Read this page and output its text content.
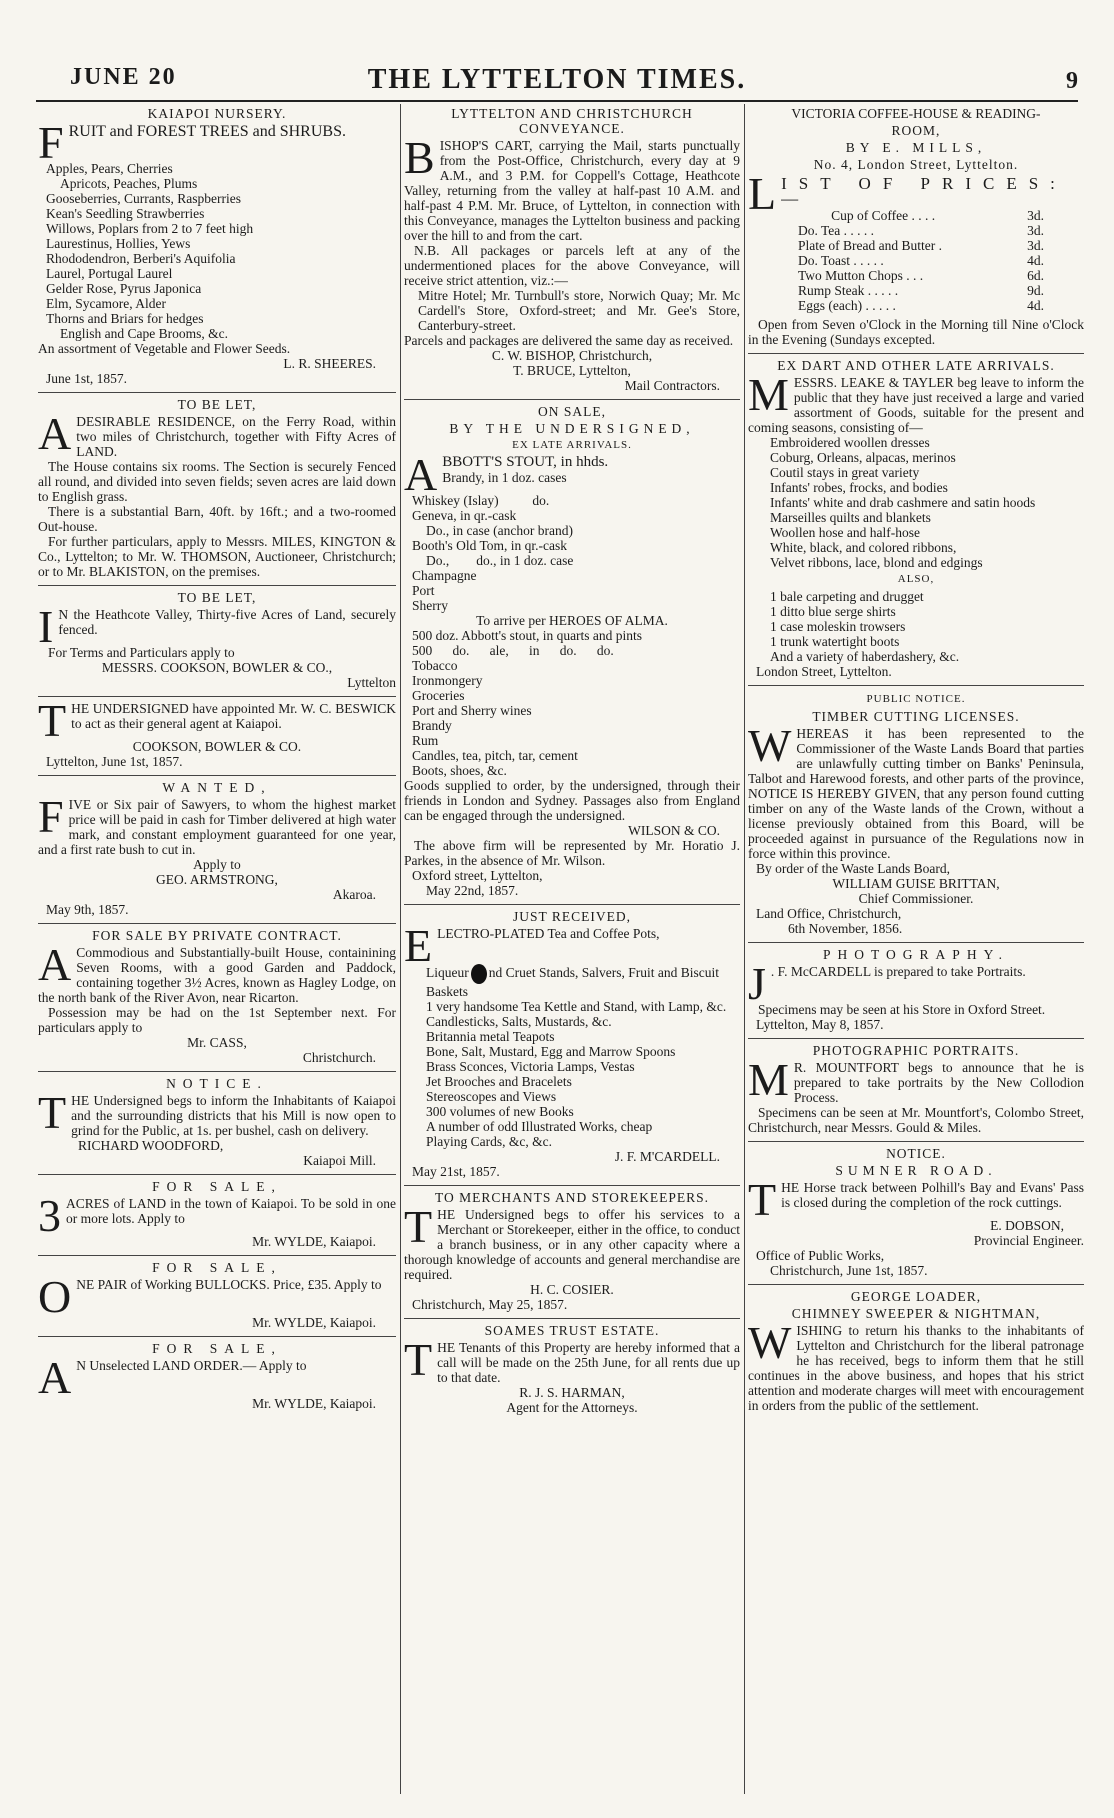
JUNE 20	THE LYTTELTON TIMES.	9
KAIAPOI NURSERY.
F RUIT and FOREST TREES and SHRUBS.

Apples, Pears, Cherries

Apricots, Peaches, Plums

Gooseberries, Currants, Raspberries

Kean's Seedling Strawberries

Willows, Poplars from 2 to 7 feet high

Laurestinus, Hollies, Yews

Rhododendron, Berberi's Aquifolia

Laurel, Portugal Laurel

Gelder Rose, Pyrus Japonica

Elm, Sycamore, Alder

Thorns and Briars for hedges

English and Cape Brooms, &c.

An assortment of Vegetable and Flower Seeds.

L. R. SHEERES.

June 1st, 1857.

TO BE LET,
A DESIRABLE RESIDENCE, on the Ferry Road, within two miles of Christchurch, together with Fifty Acres of LAND.

The House contains six rooms. The Section is securely Fenced all round, and divided into seven fields; seven acres are laid down to English grass.

There is a substantial Barn, 40ft. by 16ft.; and a two-roomed Out-house.

For further particulars, apply to Messrs. MILES, KINGTON & Co., Lyttelton; to Mr. W. THOMSON, Auctioneer, Christchurch; or to Mr. BLAKISTON, on the premises.

TO BE LET,
I N the Heathcote Valley, Thirty-five Acres of Land, securely fenced.

For Terms and Particulars apply to

MESSRS. COOKSON, BOWLER & CO.,

Lyttelton

T HE UNDERSIGNED have appointed Mr. W. C. BESWICK to act as their general agent at Kaiapoi.

COOKSON, BOWLER & CO.

Lyttelton, June 1st, 1857.

WANTED,
F IVE or Six pair of Sawyers, to whom the highest market price will be paid in cash for Timber delivered at high water mark, and constant employment guaranteed for one year, and a first rate bush to cut in.

Apply to

GEO. ARMSTRONG,

Akaroa.

May 9th, 1857.

FOR SALE BY PRIVATE CONTRACT.
A Commodious and Substantially-built House, containining Seven Rooms, with a good Garden and Paddock, containing together 3½ Acres, known as Hagley Lodge, on the north bank of the River Avon, near Ricarton.

Possession may be had on the 1st September next. For particulars apply to

Mr. CASS,

Christchurch.

NOTICE.
T HE Undersigned begs to inform the Inhabitants of Kaiapoi and the surrounding districts that his Mill is now open to grind for the Public, at 1s. per bushel, cash on delivery.

RICHARD WOODFORD,

Kaiapoi Mill.

FOR SALE,
3 ACRES of LAND in the town of Kaiapoi. To be sold in one or more lots. Apply to

Mr. WYLDE, Kaiapoi.

FOR SALE,
O NE PAIR of Working BULLOCKS. Price, £35. Apply to

Mr. WYLDE, Kaiapoi.

FOR SALE,
A N Unselected LAND ORDER.— Apply to

Mr. WYLDE, Kaiapoi.

LYTTELTON AND CHRISTCHURCH CONVEYANCE.
B ISHOP'S CART, carrying the Mail, starts punctually from the Post-Office, Christchurch, every day at 9 A.M., and 3 P.M. for Coppell's Cottage, Heathcote Valley, returning from the valley at half-past 10 A.M. and half-past 4 P.M. Mr. Bruce, of Lyttelton, in connection with this Conveyance, manages the Lyttelton business and packing over the hill to and from the cart.

N.B. All packages or parcels left at any of the undermentioned places for the above Conveyance, will receive strict attention, viz.:—

Mitre Hotel; Mr. Turnbull's store, Norwich Quay; Mr. Mc Cardell's Store, Oxford-street; and Mr. Gee's Store, Canterbury-street.

Parcels and packages are delivered the same day as received.

C. W. BISHOP, Christchurch,

T. BRUCE, Lyttelton,

Mail Contractors.

ON SALE,
BY THE UNDERSIGNED,
EX LATE ARRIVALS.
A BBOTT'S STOUT, in hhds.

Brandy, in 1 doz. cases

Whiskey (Islay)          do.

Geneva, in qr.-cask

Do., in case (anchor brand)

Booth's Old Tom, in qr.-cask

Do.,        do., in 1 doz. case

Champagne

Port

Sherry

To arrive per HEROES OF ALMA.

500 doz. Abbott's stout, in quarts and pints

500      do.      ale,      in      do.      do.

Tobacco

Ironmongery

Groceries

Port and Sherry wines

Brandy

Rum

Candles, tea, pitch, tar, cement

Boots, shoes, &c.

Goods supplied to order, by the undersigned, through their friends in London and Sydney. Passages also from England can be engaged through the undersigned.

WILSON & CO.

The above firm will be represented by Mr. Horatio J. Parkes, in the absence of Mr. Wilson.

Oxford street, Lyttelton,

May 22nd, 1857.

JUST RECEIVED,
E LECTRO-PLATED Tea and Coffee Pots,

Liqueur nd Cruet Stands, Salvers, Fruit and Biscuit Baskets

1 very handsome Tea Kettle and Stand, with Lamp, &c.

Candlesticks, Salts, Mustards, &c.

Britannia metal Teapots

Bone, Salt, Mustard, Egg and Marrow Spoons

Brass Sconces, Victoria Lamps, Vestas

Jet Brooches and Bracelets

Stereoscopes and Views

300 volumes of new Books

A number of odd Illustrated Works, cheap

Playing Cards, &c, &c.

J. F. M'CARDELL.

May 21st, 1857.

TO MERCHANTS AND STOREKEEPERS.
T HE Undersigned begs to offer his services to a Merchant or Storekeeper, either in the office, to conduct a branch business, or in any other capacity where a thorough knowledge of accounts and general merchandise are required.

H. C. COSIER.

Christchurch, May 25, 1857.

SOAMES TRUST ESTATE.
T HE Tenants of this Property are hereby informed that a call will be made on the 25th June, for all rents due up to that date.

R. J. S. HARMAN,

Agent for the Attorneys.

VICTORIA COFFEE-HOUSE & READING-
ROOM,
BY E. MILLS,
No. 4, London Street, Lyttelton.
L IST OF PRICES:—

Cup of Coffee . . . .	3d.
Do. Tea . . . . .	3d.
Plate of Bread and Butter .	3d.
Do. Toast . . . . .	4d.
Two Mutton Chops . . .	6d.
Rump Steak . . . . .	9d.
Eggs (each) . . . . .	4d.

Open from Seven o'Clock in the Morning till Nine o'Clock in the Evening (Sundays excepted.

EX DART AND OTHER LATE ARRIVALS.
M ESSRS. LEAKE & TAYLER beg leave to inform the public that they have just received a large and varied assortment of Goods, suitable for the present and coming seasons, consisting of—

Embroidered woollen dresses

Coburg, Orleans, alpacas, merinos

Coutil stays in great variety

Infants' robes, frocks, and bodies

Infants' white and drab cashmere and satin hoods

Marseilles quilts and blankets

Woollen hose and half-hose

White, black, and colored ribbons,

Velvet ribbons, lace, blond and edgings

ALSO,

1 bale carpeting and drugget

1 ditto blue serge shirts

1 case moleskin trowsers

1 trunk watertight boots

And a variety of haberdashery, &c.

London Street, Lyttelton.

PUBLIC NOTICE.
TIMBER CUTTING LICENSES.
W HEREAS it has been represented to the Commissioner of the Waste Lands Board that parties are unlawfully cutting timber on Banks' Peninsula, Talbot and Harewood forests, and other parts of the province, NOTICE IS HEREBY GIVEN, that any person found cutting timber on any of the Waste lands of the Crown, without a license previously obtained from this Board, will be proceeded against in pursuance of the Regulations now in force within this province.

By order of the Waste Lands Board,

WILLIAM GUISE BRITTAN,

Chief Commissioner.

Land Office, Christchurch,

6th November, 1856.

PHOTOGRAPHY.
J . F. McCARDELL is prepared to take Portraits.

Specimens may be seen at his Store in Oxford Street.

Lyttelton, May 8, 1857.

PHOTOGRAPHIC PORTRAITS.
M R. MOUNTFORT begs to announce that he is prepared to take portraits by the New Collodion Process.

Specimens can be seen at Mr. Mountfort's, Colombo Street, Christchurch, near Messrs. Gould & Miles.

NOTICE.
SUMNER ROAD.
T HE Horse track between Polhill's Bay and Evans' Pass is closed during the completion of the rock cuttings.

E. DOBSON,

Provincial Engineer.

Office of Public Works,

Christchurch, June 1st, 1857.

GEORGE LOADER,
CHIMNEY SWEEPER & NIGHTMAN,
W ISHING to return his thanks to the inhabitants of Lyttelton and Christchurch for the liberal patronage he has received, begs to inform them that he still continues in the above business, and hopes that his strict attention and moderate charges will meet with encouragement in orders from the public of the settlement.
